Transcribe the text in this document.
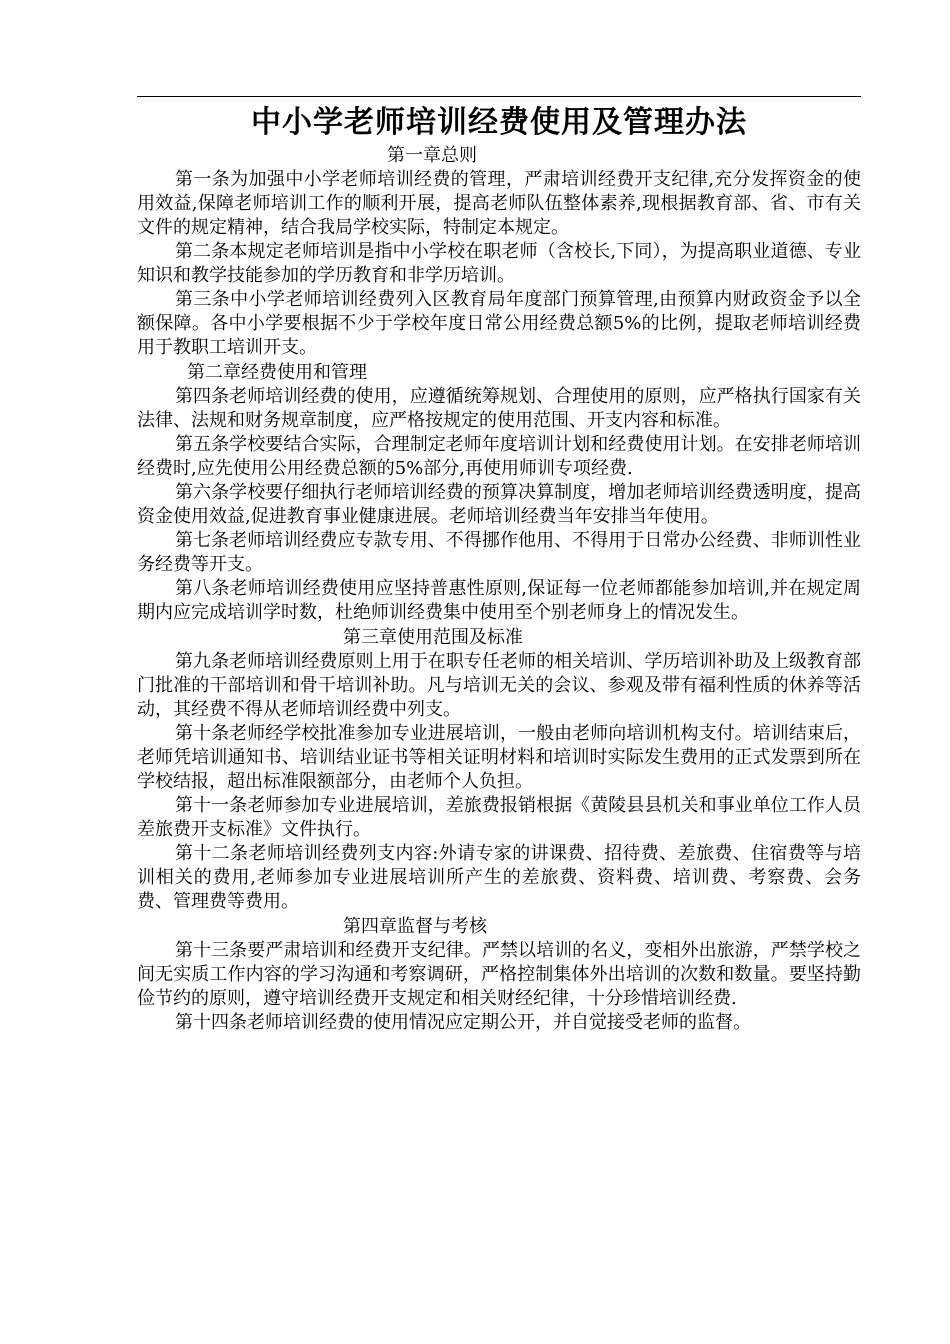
中小学老师培训经费使用及管理办法

第一章总则

第一条为加强中小学老师培训经费的管理，严肃培训经费开支纪律,充分发挥资金的使用效益,保障老师培训工作的顺利开展，提高老师队伍整体素养,现根据教育部、省、市有关文件的规定精神，结合我局学校实际，特制定本规定。

第二条本规定老师培训是指中小学校在职老师（含校长,下同），为提高职业道德、专业知识和教学技能参加的学历教育和非学历培训。

第三条中小学老师培训经费列入区教育局年度部门预算管理,由预算内财政资金予以全额保障。各中小学要根据不少于学校年度日常公用经费总额5%的比例，提取老师培训经费用于教职工培训开支。

第二章经费使用和管理

第四条老师培训经费的使用，应遵循统筹规划、合理使用的原则，应严格执行国家有关法律、法规和财务规章制度，应严格按规定的使用范围、开支内容和标准。

第五条学校要结合实际，合理制定老师年度培训计划和经费使用计划。在安排老师培训经费时,应先使用公用经费总额的5%部分,再使用师训专项经费.

第六条学校要仔细执行老师培训经费的预算决算制度，增加老师培训经费透明度，提高资金使用效益,促进教育事业健康进展。老师培训经费当年安排当年使用。

第七条老师培训经费应专款专用、不得挪作他用、不得用于日常办公经费、非师训性业务经费等开支。

第八条老师培训经费使用应坚持普惠性原则,保证每一位老师都能参加培训,并在规定周期内应完成培训学时数，杜绝师训经费集中使用至个别老师身上的情况发生。

第三章使用范围及标准

第九条老师培训经费原则上用于在职专任老师的相关培训、学历培训补助及上级教育部门批准的干部培训和骨干培训补助。凡与培训无关的会议、参观及带有福利性质的休养等活动，其经费不得从老师培训经费中列支。

第十条老师经学校批准参加专业进展培训，一般由老师向培训机构支付。培训结束后，老师凭培训通知书、培训结业证书等相关证明材料和培训时实际发生费用的正式发票到所在学校结报，超出标准限额部分，由老师个人负担。

第十一条老师参加专业进展培训，差旅费报销根据《黄陵县县机关和事业单位工作人员差旅费开支标准》文件执行。

第十二条老师培训经费列支内容:外请专家的讲课费、招待费、差旅费、住宿费等与培训相关的费用,老师参加专业进展培训所产生的差旅费、资料费、培训费、考察费、会务费、管理费等费用。

第四章监督与考核

第十三条要严肃培训和经费开支纪律。严禁以培训的名义，变相外出旅游，严禁学校之间无实质工作内容的学习沟通和考察调研，严格控制集体外出培训的次数和数量。要坚持勤俭节约的原则，遵守培训经费开支规定和相关财经纪律，十分珍惜培训经费.

第十四条老师培训经费的使用情况应定期公开，并自觉接受老师的监督。
